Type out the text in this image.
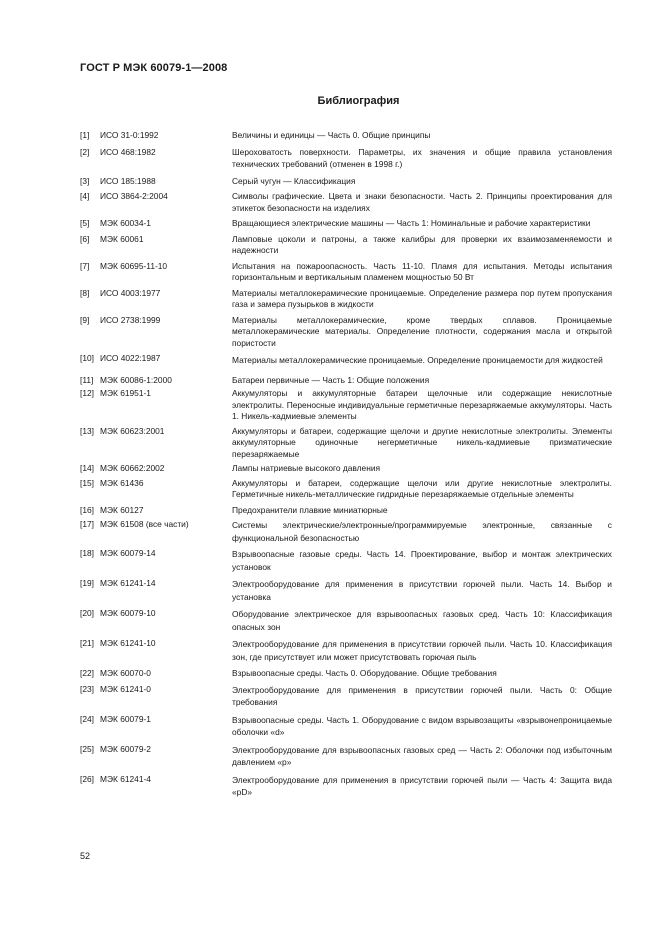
ГОСТ Р МЭК 60079-1—2008
Библиография
[1]	ИСО 31-0:1992	Величины и единицы — Часть 0. Общие принципы
[2]	ИСО 468:1982	Шероховатость поверхности. Параметры, их значения и общие правила установления технических требований (отменен в 1998 г.)
[3]	ИСО 185:1988	Серый чугун — Классификация
[4]	ИСО 3864-2:2004	Символы графические. Цвета и знаки безопасности. Часть 2. Принципы проектирования для этикеток безопасности на изделиях
[5]	МЭК 60034-1	Вращающиеся электрические машины — Часть 1: Номинальные и рабочие характеристики
[6]	МЭК 60061	Ламповые цоколи и патроны, а также калибры для проверки их взаимозаменяемости и надежности
[7]	МЭК 60695-11-10	Испытания на пожароопасность. Часть 11-10. Пламя для испытания. Методы испытания горизонтальным и вертикальным пламенем мощностью 50 Вт
[8]	ИСО 4003:1977	Материалы металлокерамические проницаемые. Определение размера пор путем пропускания газа и замера пузырьков в жидкости
[9]	ИСО 2738:1999	Материалы металлокерамические, кроме твердых сплавов. Проницаемые металлокерамические материалы. Определение плотности, содержания масла и открытой пористости
[10] ИСО 4022:1987	Материалы металлокерамические проницаемые. Определение проницаемости для жидкостей
[11] МЭК 60086-1:2000	Батареи первичные — Часть 1: Общие положения
[12] МЭК 61951-1	Аккумуляторы и аккумуляторные батареи щелочные или содержащие некислотные электролиты. Переносные индивидуальные герметичные перезаряжаемые аккумуляторы. Часть 1. Никель-кадмиевые элементы
[13] МЭК 60623:2001	Аккумуляторы и батареи, содержащие щелочи и другие некислотные электролиты. Элементы аккумуляторные одиночные негерметичные никель-кадмиевые призматические перезаряжаемые
[14] МЭК 60662:2002	Лампы натриевые высокого давления
[15] МЭК 61436	Аккумуляторы и батареи, содержащие щелочи или другие некислотные электролиты. Герметичные никель-металлические гидридные перезаряжаемые отдельные элементы
[16] МЭК 60127	Предохранители плавкие миниатюрные
[17] МЭК 61508 (все части)	Системы электрические/электронные/программируемые электронные, связанные с функциональной безопасностью
[18] МЭК 60079-14	Взрывоопасные газовые среды. Часть 14. Проектирование, выбор и монтаж электрических установок
[19] МЭК 61241-14	Электрооборудование для применения в присутствии горючей пыли. Часть 14. Выбор и установка
[20] МЭК 60079-10	Оборудование электрическое для взрывоопасных газовых сред. Часть 10: Классификация опасных зон
[21] МЭК 61241-10	Электрооборудование для применения в присутствии горючей пыли. Часть 10. Классификация зон, где присутствует или может присутствовать горючая пыль
[22] МЭК 60070-0	Взрывоопасные среды. Часть 0. Оборудование. Общие требования
[23] МЭК 61241-0	Электрооборудование для применения в присутствии горючей пыли. Часть 0: Общие требования
[24] МЭК 60079-1	Взрывоопасные среды. Часть 1. Оборудование с видом взрывозащиты «взрывонепроницаемые оболочки «d»
[25] МЭК 60079-2	Электрооборудование для взрывоопасных газовых сред — Часть 2: Оболочки под избыточным давлением «р»
[26] МЭК 61241-4	Электрооборудование для применения в присутствии горючей пыли — Часть 4: Защита вида «pD»
52
